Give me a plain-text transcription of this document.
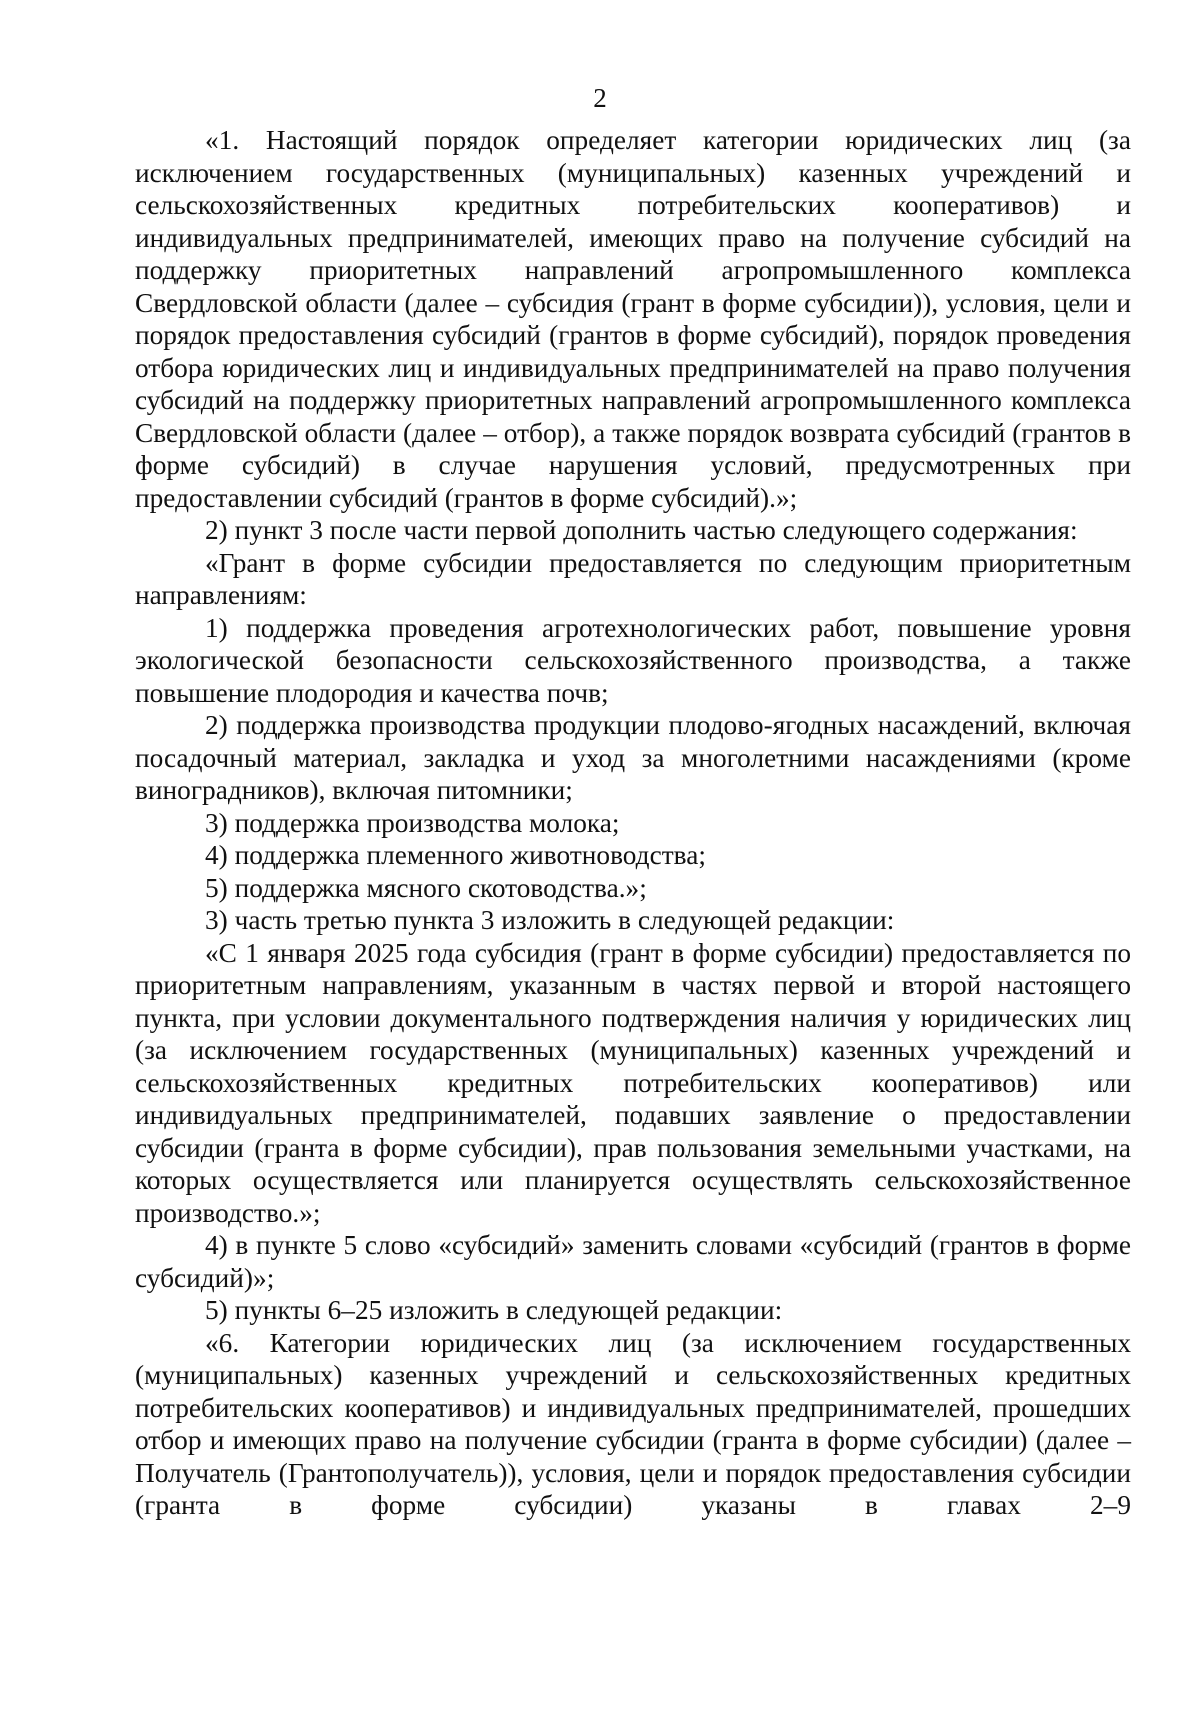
2

«1. Настоящий порядок определяет категории юридических лиц (за исключением государственных (муниципальных) казенных учреждений и сельскохозяйственных кредитных потребительских кооперативов) и индивидуальных предпринимателей, имеющих право на получение субсидий на поддержку приоритетных направлений агропромышленного комплекса Свердловской области (далее – субсидия (грант в форме субсидии)), условия, цели и порядок предоставления субсидий (грантов в форме субсидий), порядок проведения отбора юридических лиц и индивидуальных предпринимателей на право получения субсидий на поддержку приоритетных направлений агропромышленного комплекса Свердловской области (далее – отбор), а также порядок возврата субсидий (грантов в форме субсидий) в случае нарушения условий, предусмотренных при предоставлении субсидий (грантов в форме субсидий).»;

2) пункт 3 после части первой дополнить частью следующего содержания:

«Грант в форме субсидии предоставляется по следующим приоритетным направлениям:

1) поддержка проведения агротехнологических работ, повышение уровня экологической безопасности сельскохозяйственного производства, а также повышение плодородия и качества почв;

2) поддержка производства продукции плодово-ягодных насаждений, включая посадочный материал, закладка и уход за многолетними насаждениями (кроме виноградников), включая питомники;

3) поддержка производства молока;

4) поддержка племенного животноводства;

5) поддержка мясного скотоводства.»;

3) часть третью пункта 3 изложить в следующей редакции:

«С 1 января 2025 года субсидия (грант в форме субсидии) предоставляется по приоритетным направлениям, указанным в частях первой и второй настоящего пункта, при условии документального подтверждения наличия у юридических лиц (за исключением государственных (муниципальных) казенных учреждений и сельскохозяйственных кредитных потребительских кооперативов) или индивидуальных предпринимателей, подавших заявление о предоставлении субсидии (гранта в форме субсидии), прав пользования земельными участками, на которых осуществляется или планируется осуществлять сельскохозяйственное производство.»;

4) в пункте 5 слово «субсидий» заменить словами «субсидий (грантов в форме субсидий)»;

5) пункты 6–25 изложить в следующей редакции:

«6. Категории юридических лиц (за исключением государственных (муниципальных) казенных учреждений и сельскохозяйственных кредитных потребительских кооперативов) и индивидуальных предпринимателей, прошедших отбор и имеющих право на получение субсидии (гранта в форме субсидии) (далее – Получатель (Грантополучатель)), условия, цели и порядок предоставления субсидии (гранта в форме субсидии) указаны в главах 2–9
